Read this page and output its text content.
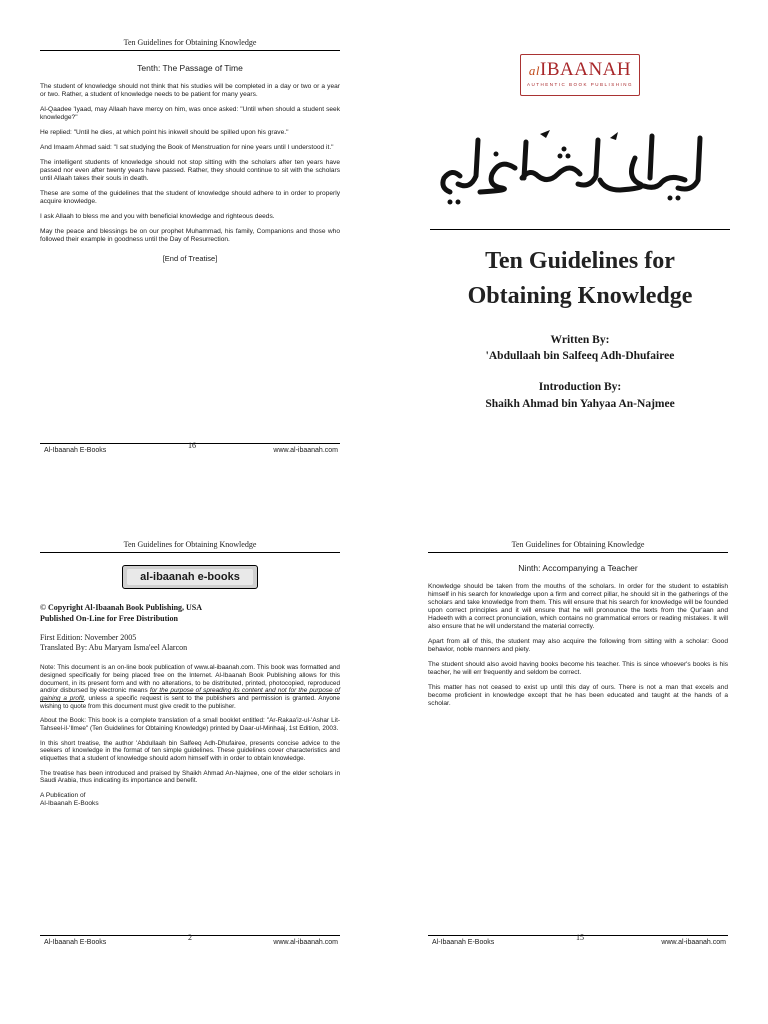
Ten Guidelines for Obtaining Knowledge
Tenth: The Passage of Time

The student of knowledge should not think that his studies will be completed in a day or two or a year or two. Rather, a student of knowledge needs to be patient for many years.

Al-Qaadee 'Iyaad, may Allaah have mercy on him, was once asked: "Until when should a student seek knowledge?"

He replied: "Until he dies, at which point his inkwell should be spilled upon his grave."

And Imaam Ahmad said: "I sat studying the Book of Menstruation for nine years until I understood it."

The intelligent students of knowledge should not stop sitting with the scholars after ten years have passed nor even after twenty years have passed. Rather, they should continue to sit with the scholars until Allaah takes their souls in death.

These are some of the guidelines that the student of knowledge should adhere to in order to properly acquire knowledge.

I ask Allaah to bless me and you with beneficial knowledge and righteous deeds.

May the peace and blessings be on our prophet Muhammad, his family, Companions and those who followed their example in goodness until the Day of Resurrection.

[End of Treatise]
Al-Ibaanah E-Books
16
www.al-ibaanah.com
alIBAANAH
AUTHENTIC BOOK PUBLISHING
Ten Guidelines for
Obtaining Knowledge
Written By:
'Abdullaah bin Salfeeq Adh-Dhufairee
Introduction By:
Shaikh Ahmad bin Yahyaa An-Najmee
Ten Guidelines for Obtaining Knowledge
al-ibaanah e-books
© Copyright Al-Ibaanah Book Publishing, USA
Published On-Line for Free Distribution
First Edition: November 2005
Translated By: Abu Maryam Isma'eel Alarcon

Note: This document is an on-line book publication of www.al-ibaanah.com. This book was formatted and designed specifically for being placed free on the Internet. Al-Ibaanah Book Publishing allows for this document, in its present form and with no alterations, to be distributed, printed, photocopied, reproduced and/or disbursed by electronic means for the purpose of spreading its content and not for the purpose of gaining a profit, unless a specific request is sent to the publishers and permission is granted. Anyone wishing to quote from this document must give credit to the publisher.

About the Book: This book is a complete translation of a small booklet entitled: "Ar-Rakaa'iz-ul-'Ashar Lit-Tahseel-il-'Ilmee" (Ten Guidelines for Obtaining Knowledge) printed by Daar-ul-Minhaaj, 1st Edition, 2003.

In this short treatise, the author 'Abdullaah bin Salfeeq Adh-Dhufairee, presents concise advice to the seekers of knowledge in the format of ten simple guidelines. These guidelines cover characteristics and etiquettes that a student of knowledge should adorn himself with in order to obtain knowledge.

The treatise has been introduced and praised by Shaikh Ahmad An-Najmee, one of the elder scholars in Saudi Arabia, thus indicating its importance and benefit.

A Publication of
Al-Ibaanah E-Books
Al-Ibaanah E-Books
2
www.al-ibaanah.com
Ten Guidelines for Obtaining Knowledge
Ninth: Accompanying a Teacher

Knowledge should be taken from the mouths of the scholars. In order for the student to establish himself in his search for knowledge upon a firm and correct pillar, he should sit in the gatherings of the scholars and take knowledge from them. This will ensure that his search for knowledge will be founded upon correct principles and it will ensure that he will pronounce the texts from the Qur'aan and Hadeeth with a correct pronunciation, which contains no grammatical errors or reading mistakes. It will also ensure that he will understand the material correctly.

Apart from all of this, the student may also acquire the following from sitting with a scholar: Good behavior, noble manners and piety.

The student should also avoid having books become his teacher. This is since whoever's books is his teacher, he will err frequently and seldom be correct.

This matter has not ceased to exist up until this day of ours. There is not a man that excels and become proficient in knowledge except that he has been educated and taught at the hands of a scholar.

Al-Ibaanah E-Books
15
www.al-ibaanah.com
